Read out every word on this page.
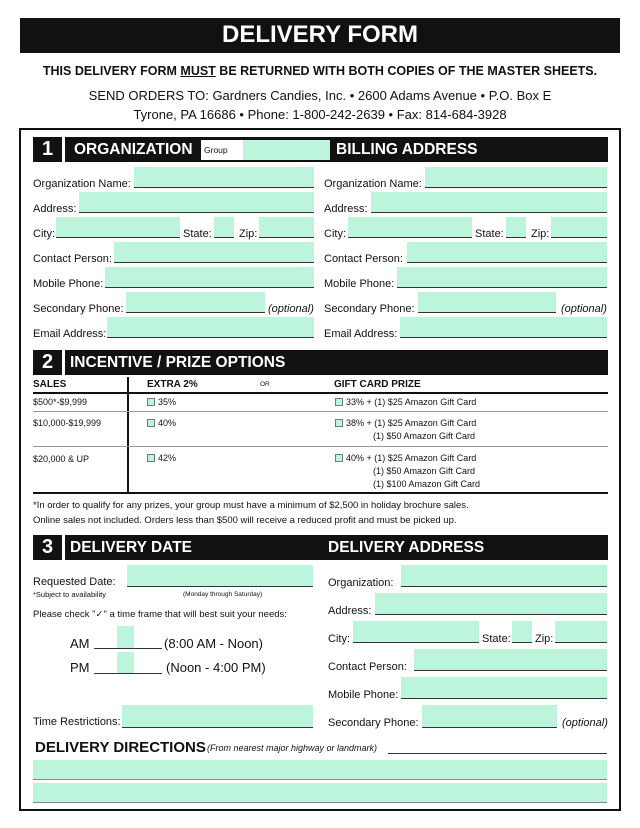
DELIVERY FORM
THIS DELIVERY FORM MUST BE RETURNED WITH BOTH COPIES OF THE MASTER SHEETS.
SEND ORDERS TO: Gardners Candies, Inc. • 2600 Adams Avenue • P.O. Box E
Tyrone, PA 16686 • Phone: 1-800-242-2639 • Fax: 814-684-3928
1	ORGANIZATION	Group	BILLING ADDRESS
Organization Name:
Address:
City:	State: Zip:
Contact Person:
Mobile Phone:
Secondary Phone:	(optional)
Email Address:
Organization Name:
Address:
City:	State: Zip:
Contact Person:
Mobile Phone:
Secondary Phone:	(optional)
Email Address:
2	INCENTIVE / PRIZE OPTIONS
SALES	EXTRA 2%	OR	GIFT CARD PRIZE
$500*-$9,999	35%	33% + (1) $25 Amazon Gift Card
$10,000-$19,999	40%	38% + (1) $25 Amazon Gift Card
(1) $50 Amazon Gift Card
$20,000 & UP	42%	40% + (1) $25 Amazon Gift Card
(1) $50 Amazon Gift Card
(1) $100 Amazon Gift Card
*In order to qualify for any prizes, your group must have a minimum of $2,500 in holiday brochure sales.
Online sales not included. Orders less than $500 will receive a reduced profit and must be picked up.
3	DELIVERY DATE	DELIVERY ADDRESS
Requested Date:
*Subject to availability	(Monday through Saturday)
Please check "✓" a time frame that will best suit your needs:
AM	(8:00 AM - Noon)
PM	(Noon - 4:00 PM)
Time Restrictions:
Organization:
Address:
City:	State: Zip:
Contact Person:
Mobile Phone:
Secondary Phone:	(optional)
DELIVERY DIRECTIONS (From nearest major highway or landmark)
